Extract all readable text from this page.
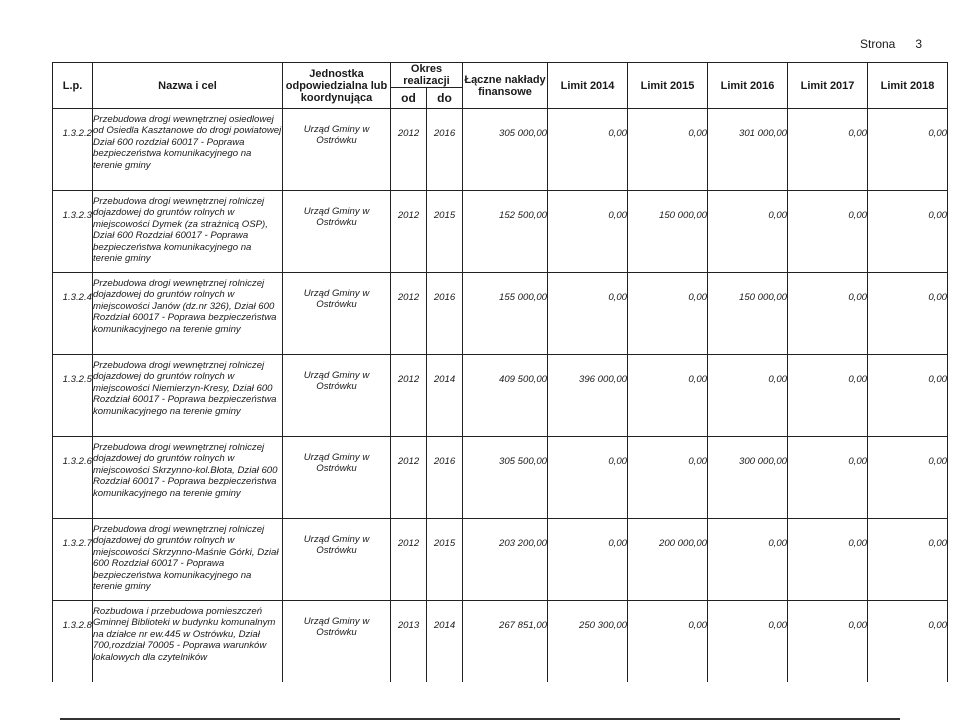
Strona 3
L.p.	Nazwa i cel	Jednostka odpowiedzialna lub koordynująca	Okres realizacji		Łączne nakłady finansowe	Limit 2014	Limit 2015	Limit 2016	Limit 2017	Limit 2018
			od	do						

1.3.2.2	Przebudowa drogi wewnętrznej osiedlowej od Osiedla Kasztanowe do drogi powiatowej Dział 600 rozdział 60017 - Poprawa bezpieczeństwa komunikacyjnego na terenie gminy	Urząd Gminy w Ostrówku	2012	2016	305 000,00	0,00	0,00	301 000,00	0,00	0,00

1.3.2.3	Przebudowa drogi wewnętrznej rolniczej dojazdowej do gruntów rolnych w miejscowości Dymek (za strażnicą OSP), Dział 600 Rozdział 60017 - Poprawa bezpieczeństwa komunikacyjnego na terenie gminy	Urząd Gminy w Ostrówku	2012	2015	152 500,00	0,00	150 000,00	0,00	0,00	0,00

1.3.2.4	Przebudowa drogi wewnętrznej rolniczej dojazdowej do gruntów rolnych w miejscowości Janów (dz.nr 326), Dział 600 Rozdział 60017 - Poprawa bezpieczeństwa komunikacyjnego na terenie gminy	Urząd Gminy w Ostrówku	2012	2016	155 000,00	0,00	0,00	150 000,00	0,00	0,00

1.3.2.5	Przebudowa drogi wewnętrznej rolniczej dojazdowej do gruntów rolnych w miejscowości Niemierzyn-Kresy, Dział 600 Rozdział 60017 - Poprawa bezpieczeństwa komunikacyjnego na terenie gminy	Urząd Gminy w Ostrówku	2012	2014	409 500,00	396 000,00	0,00	0,00	0,00	0,00

1.3.2.6	Przebudowa drogi wewnętrznej rolniczej dojazdowej do gruntów rolnych w miejscowości Skrzynno-kol.Błota, Dział 600 Rozdział 60017 - Poprawa bezpieczeństwa komunikacyjnego na terenie gminy	Urząd Gminy w Ostrówku	2012	2016	305 500,00	0,00	0,00	300 000,00	0,00	0,00

1.3.2.7	Przebudowa drogi wewnętrznej rolniczej dojazdowej do gruntów rolnych w miejscowości Skrzynno-Maśnie Górki, Dział 600 Rozdział 60017 - Poprawa bezpieczeństwa komunikacyjnego na terenie gminy	Urząd Gminy w Ostrówku	2012	2015	203 200,00	0,00	200 000,00	0,00	0,00	0,00

1.3.2.8	Rozbudowa i przebudowa pomieszczeń Gminnej Biblioteki w budynku komunalnym na działce nr ew.445 w Ostrówku, Dział 700,rozdział 70005 - Poprawa warunków lokalowych dla czytelników	Urząd Gminy w Ostrówku	2013	2014	267 851,00	250 300,00	0,00	0,00	0,00	0,00
